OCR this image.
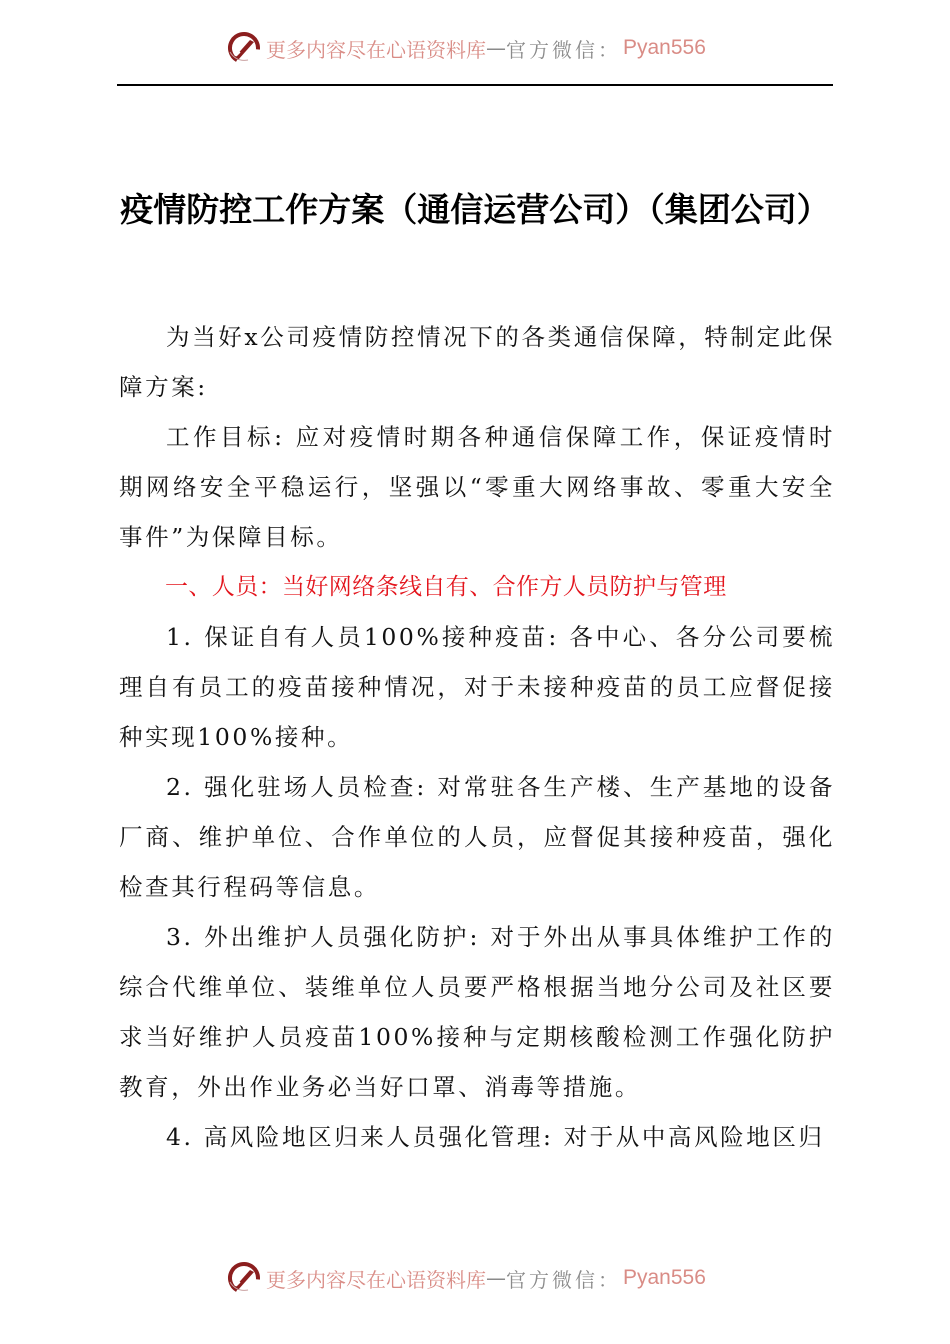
更多内容尽在心语资料库 — 官方微信： Pyan556
疫情防控工作方案（通信运营公司）（集团公司）

为当好x公司疫情防控情况下的各类通信保障，特制定此保障方案:

工作目标: 应对疫情时期各种通信保障工作，保证疫情时期网络安全平稳运行，坚强以“零重大网络事故、零重大安全事件”为保障目标。

一、人员：当好网络条线自有、合作方人员防护与管理

1. 保证自有人员100%接种疫苗: 各中心、各分公司要梳理自有员工的疫苗接种情况，对于未接种疫苗的员工应督促接种实现100%接种。

2. 强化驻场人员检查: 对常驻各生产楼、生产基地的设备厂商、维护单位、合作单位的人员，应督促其接种疫苗，强化检查其行程码等信息。

3. 外出维护人员强化防护: 对于外出从事具体维护工作的综合代维单位、装维单位人员要严格根据当地分公司及社区要求当好维护人员疫苗100%接种与定期核酸检测工作强化防护教育，外出作业务必当好口罩、消毒等措施。

4. 高风险地区归来人员强化管理: 对于从中高风险地区归

更多内容尽在心语资料库 — 官方微信： Pyan556
